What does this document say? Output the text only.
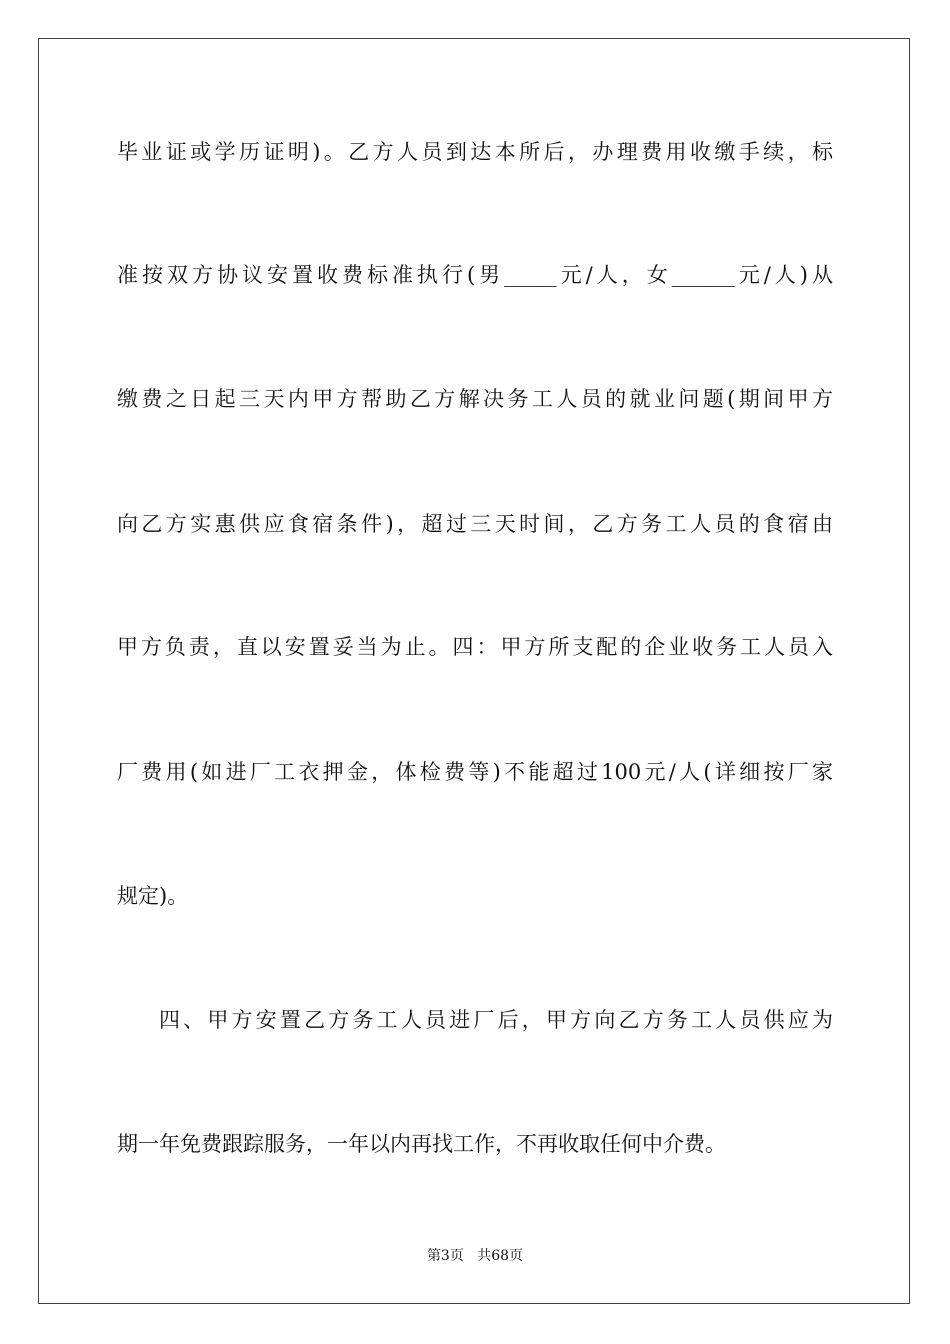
毕业证或学历证明)。乙方人员到达本所后，办理费用收缴手续，标
准按双方协议安置收费标准执行(男_____元/人，女______元/人)从
缴费之日起三天内甲方帮助乙方解决务工人员的就业问题(期间甲方
向乙方实惠供应食宿条件)，超过三天时间，乙方务工人员的食宿由
甲方负责，直以安置妥当为止。四：甲方所支配的企业收务工人员入
厂费用(如进厂工衣押金，体检费等)不能超过100元/人(详细按厂家
规定)。
四、甲方安置乙方务工人员进厂后，甲方向乙方务工人员供应为
期一年免费跟踪服务，一年以内再找工作，不再收取任何中介费。
第3页 共68页
